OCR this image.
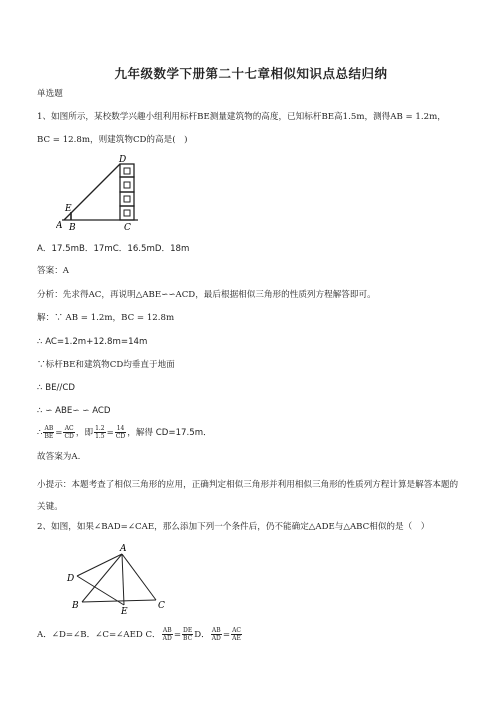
九年级数学下册第二十七章相似知识点总结归纳
单选题
1、如图所示，某校数学兴趣小组利用标杆BE测量建筑物的高度，已知标杆BE高1.5m，测得AB = 1.2m，
BC = 12.8m，则建筑物CD的高是(　)
A B	C
D
E
A．17.5mB．17mC．16.5mD．18m
答案：A
分析：先求得AC，再说明△ABE∽∽ACD，最后根据相似三角形的性质列方程解答即可。
解：∵ AB = 1.2m，BC = 12.8m
∴ AC=1.2m+12.8m=14m
∵标杆BE和建筑物CD均垂直于地面
∴ BE//CD
∴ ∽ ABE∽ ∽ ACD
∴ $\frac{AB}{BE} = \frac{AC}{CD}$ ，即 $\frac{1.2}{1.5} = \frac{14}{CD}$ ，解得 CD=17.5m．
故答案为A.
小提示：本题考查了相似三角形的应用，正确判定相似三角形并利用相似三角形的性质列方程计算是解答本题的关键。
2、如图，如果∠BAD=∠CAE，那么添加下列一个条件后，仍不能确定△ADE与△ABC相似的是（　）
A
D
B
E
C
A．∠D=∠B．∠C=∠AED C． $\frac{AB}{AD} = \frac{DE}{BC}$ D． $\frac{AB}{AD} = \frac{AC}{AE}$
